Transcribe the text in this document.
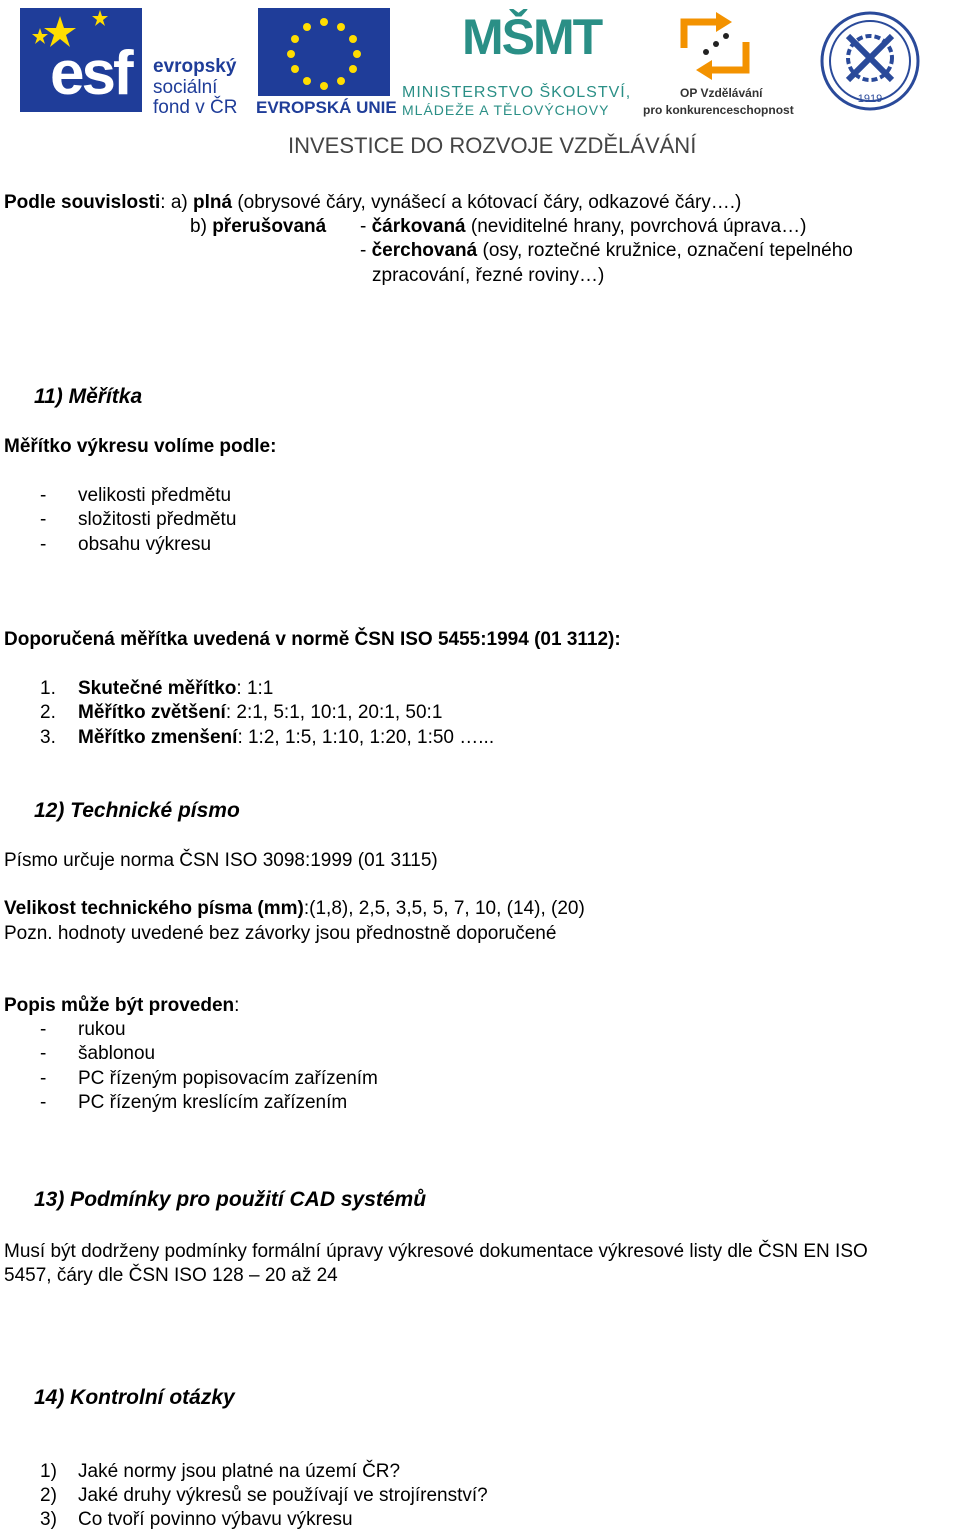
esf evropský
sociální
fond v ČR EVROPSKÁ UNIE
MŠMT
MINISTERSTVO ŠKOLSTVÍ,
MLÁDEŽE A TĚLOVÝCHOVY
OP Vzdělávání
pro konkurenceschopnost
1919
INVESTICE DO ROZVOJE VZDĚLÁVÁNÍ
Podle souvislosti: a) plná (obrysové čáry, vynášecí a kótovací čáry, odkazové čáry….)
b) přerušovaná - čárkovaná (neviditelné hrany, povrchová úprava…)
- čerchovaná (osy, roztečné kružnice, označení tepelného
zpracování, řezné roviny…)
11) Měřítka
Měřítko výkresu volíme podle:
- velikosti předmětu
- složitosti předmětu
- obsahu výkresu
Doporučená měřítka uvedená v normě ČSN ISO 5455:1994 (01 3112):
1. Skutečné měřítko: 1:1
2. Měřítko zvětšení: 2:1, 5:1, 10:1, 20:1, 50:1
3. Měřítko zmenšení: 1:2, 1:5, 1:10, 1:20, 1:50 …...
12) Technické písmo
Písmo určuje norma ČSN ISO 3098:1999 (01 3115)
Velikost technického písma (mm):(1,8), 2,5, 3,5, 5, 7, 10, (14), (20)
Pozn. hodnoty uvedené bez závorky jsou přednostně doporučené
Popis může být proveden:
- rukou
- šablonou
- PC řízeným popisovacím zařízením
- PC řízeným kreslícím zařízením
13) Podmínky pro použití CAD systémů
Musí být dodrženy podmínky formální úpravy výkresové dokumentace výkresové listy dle ČSN EN ISO
5457, čáry dle ČSN ISO 128 – 20 až 24
14) Kontrolní otázky
1) Jaké normy jsou platné na území ČR?
2) Jaké druhy výkresů se používají ve strojírenství?
3) Co tvoří povinno výbavu výkresu
